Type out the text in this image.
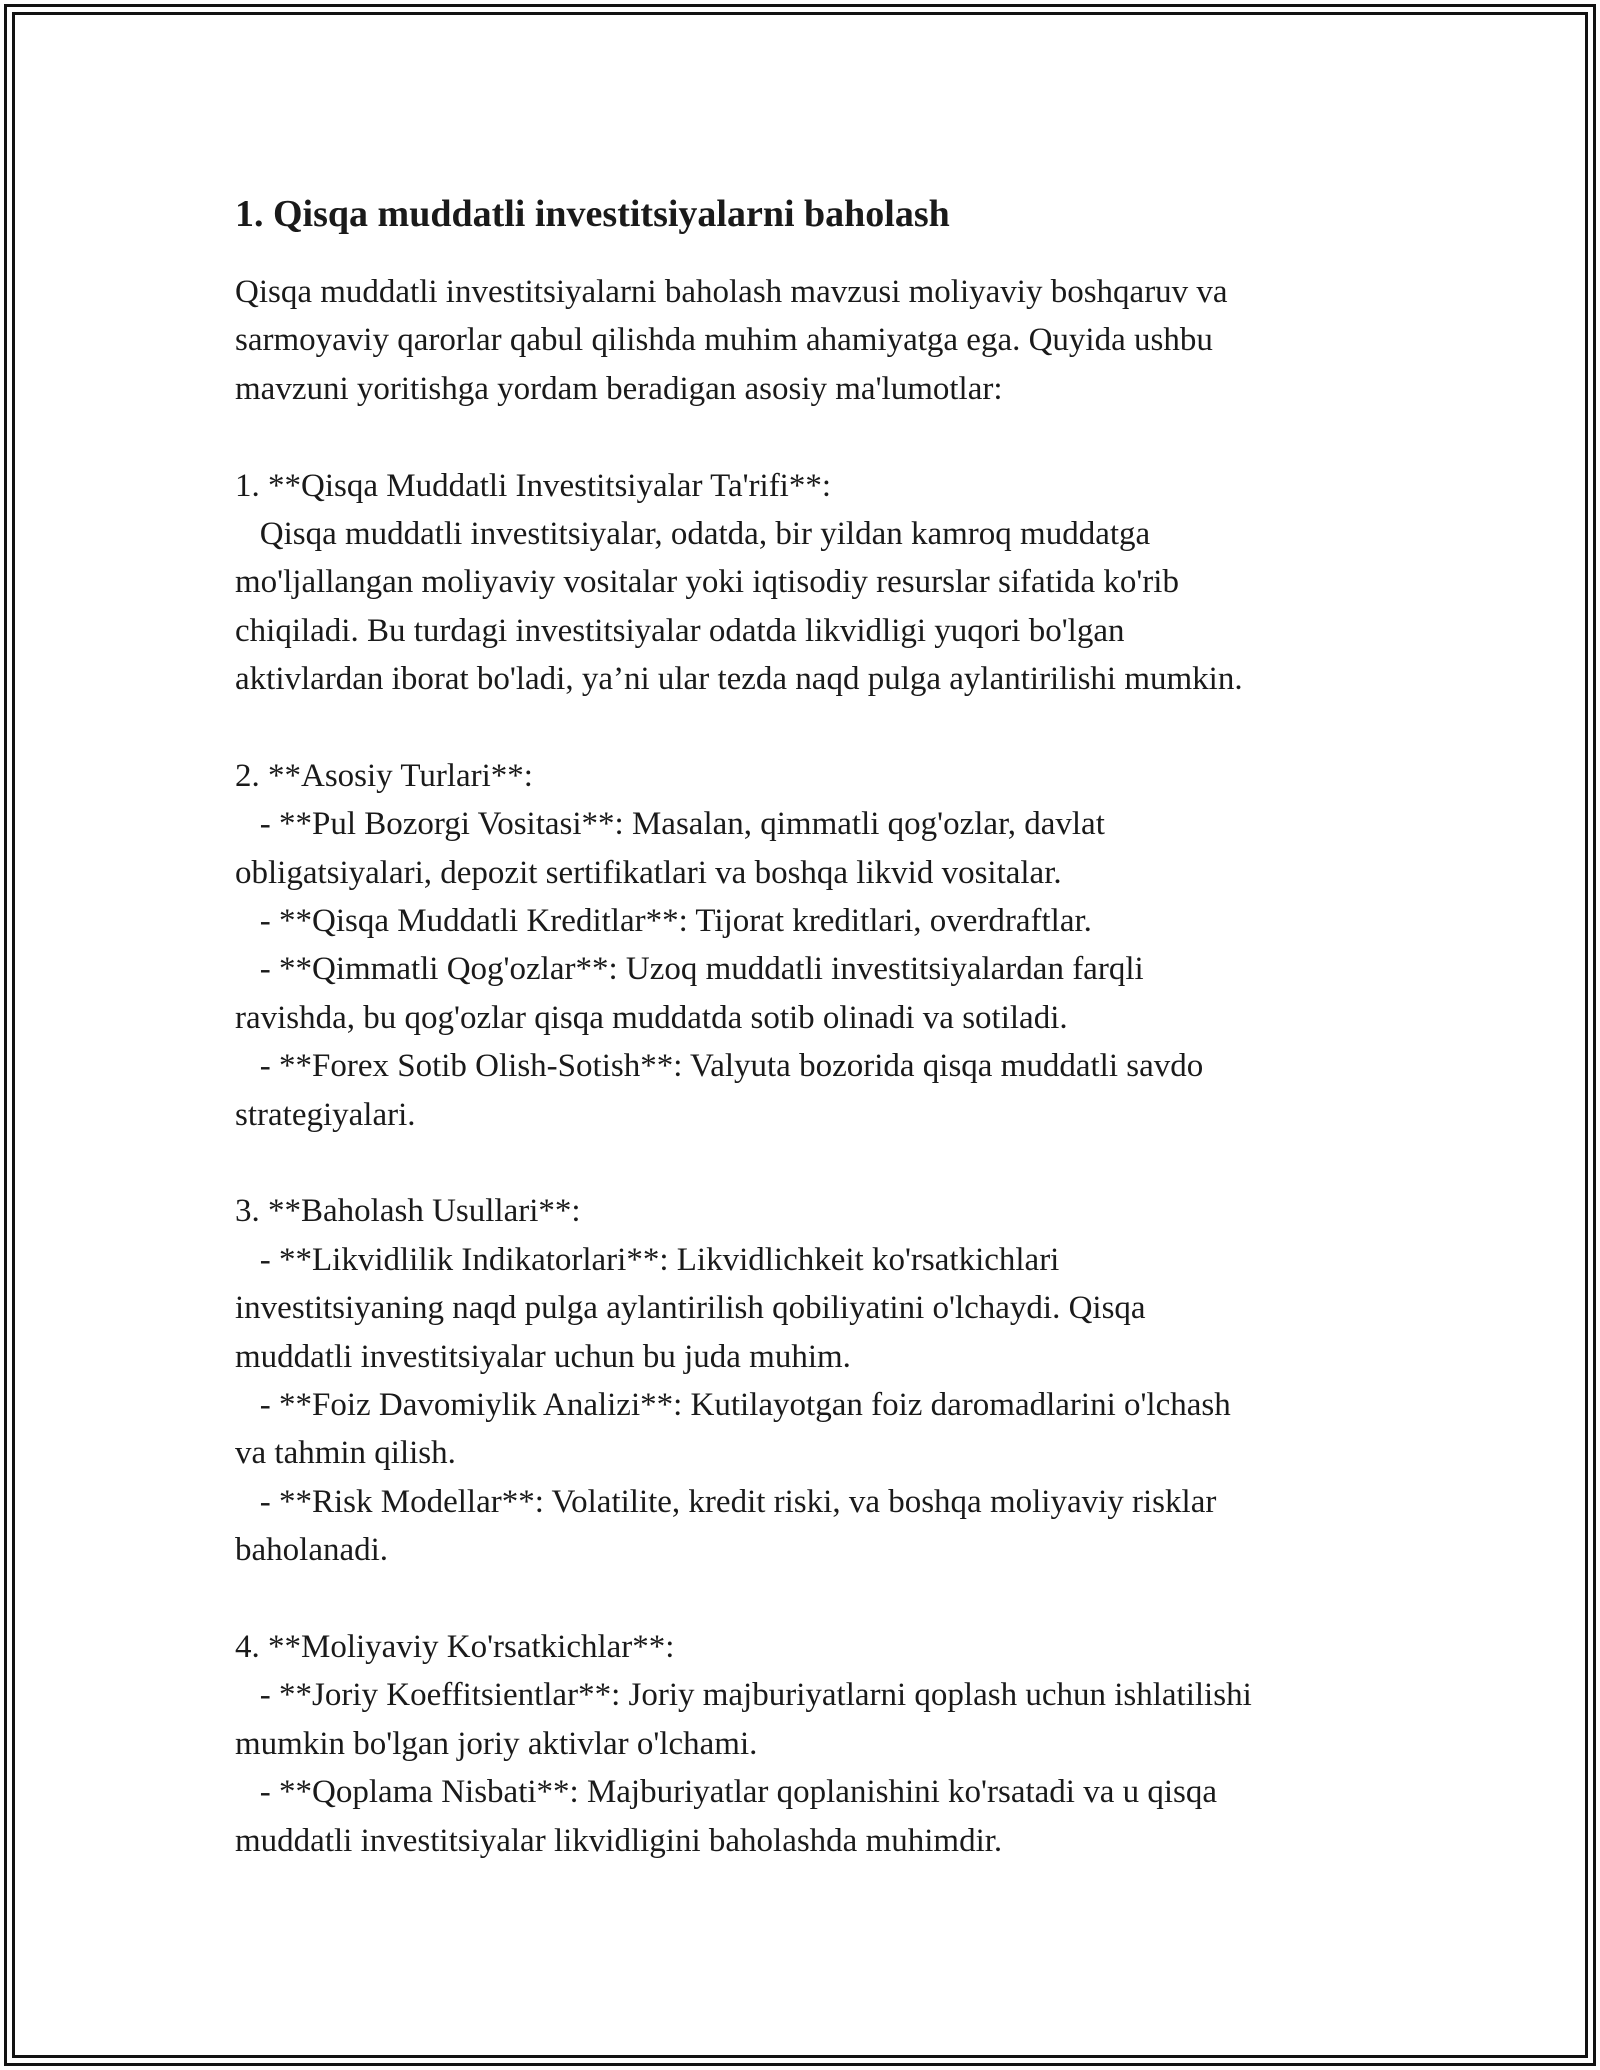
1. Qisqa muddatli investitsiyalarni baholash
Qisqa muddatli investitsiyalarni baholash mavzusi moliyaviy boshqaruv va
sarmoyaviy qarorlar qabul qilishda muhim ahamiyatga ega. Quyida ushbu
mavzuni yoritishga yordam beradigan asosiy ma'lumotlar:
1. **Qisqa Muddatli Investitsiyalar Ta'rifi**:
Qisqa muddatli investitsiyalar, odatda, bir yildan kamroq muddatga
mo'ljallangan moliyaviy vositalar yoki iqtisodiy resurslar sifatida ko'rib
chiqiladi. Bu turdagi investitsiyalar odatda likvidligi yuqori bo'lgan
aktivlardan iborat bo'ladi, ya’ni ular tezda naqd pulga aylantirilishi mumkin.
2. **Asosiy Turlari**:
- **Pul Bozorgi Vositasi**: Masalan, qimmatli qog'ozlar, davlat
obligatsiyalari, depozit sertifikatlari va boshqa likvid vositalar.
- **Qisqa Muddatli Kreditlar**: Tijorat kreditlari, overdraftlar.
- **Qimmatli Qog'ozlar**: Uzoq muddatli investitsiyalardan farqli
ravishda, bu qog'ozlar qisqa muddatda sotib olinadi va sotiladi.
- **Forex Sotib Olish-Sotish**: Valyuta bozorida qisqa muddatli savdo
strategiyalari.
3. **Baholash Usullari**:
- **Likvidlilik Indikatorlari**: Likvidlichkeit ko'rsatkichlari
investitsiyaning naqd pulga aylantirilish qobiliyatini o'lchaydi. Qisqa
muddatli investitsiyalar uchun bu juda muhim.
- **Foiz Davomiylik Analizi**: Kutilayotgan foiz daromadlarini o'lchash
va tahmin qilish.
- **Risk Modellar**: Volatilite, kredit riski, va boshqa moliyaviy risklar
baholanadi.
4. **Moliyaviy Ko'rsatkichlar**:
- **Joriy Koeffitsientlar**: Joriy majburiyatlarni qoplash uchun ishlatilishi
mumkin bo'lgan joriy aktivlar o'lchami.
- **Qoplama Nisbati**: Majburiyatlar qoplanishini ko'rsatadi va u qisqa
muddatli investitsiyalar likvidligini baholashda muhimdir.
